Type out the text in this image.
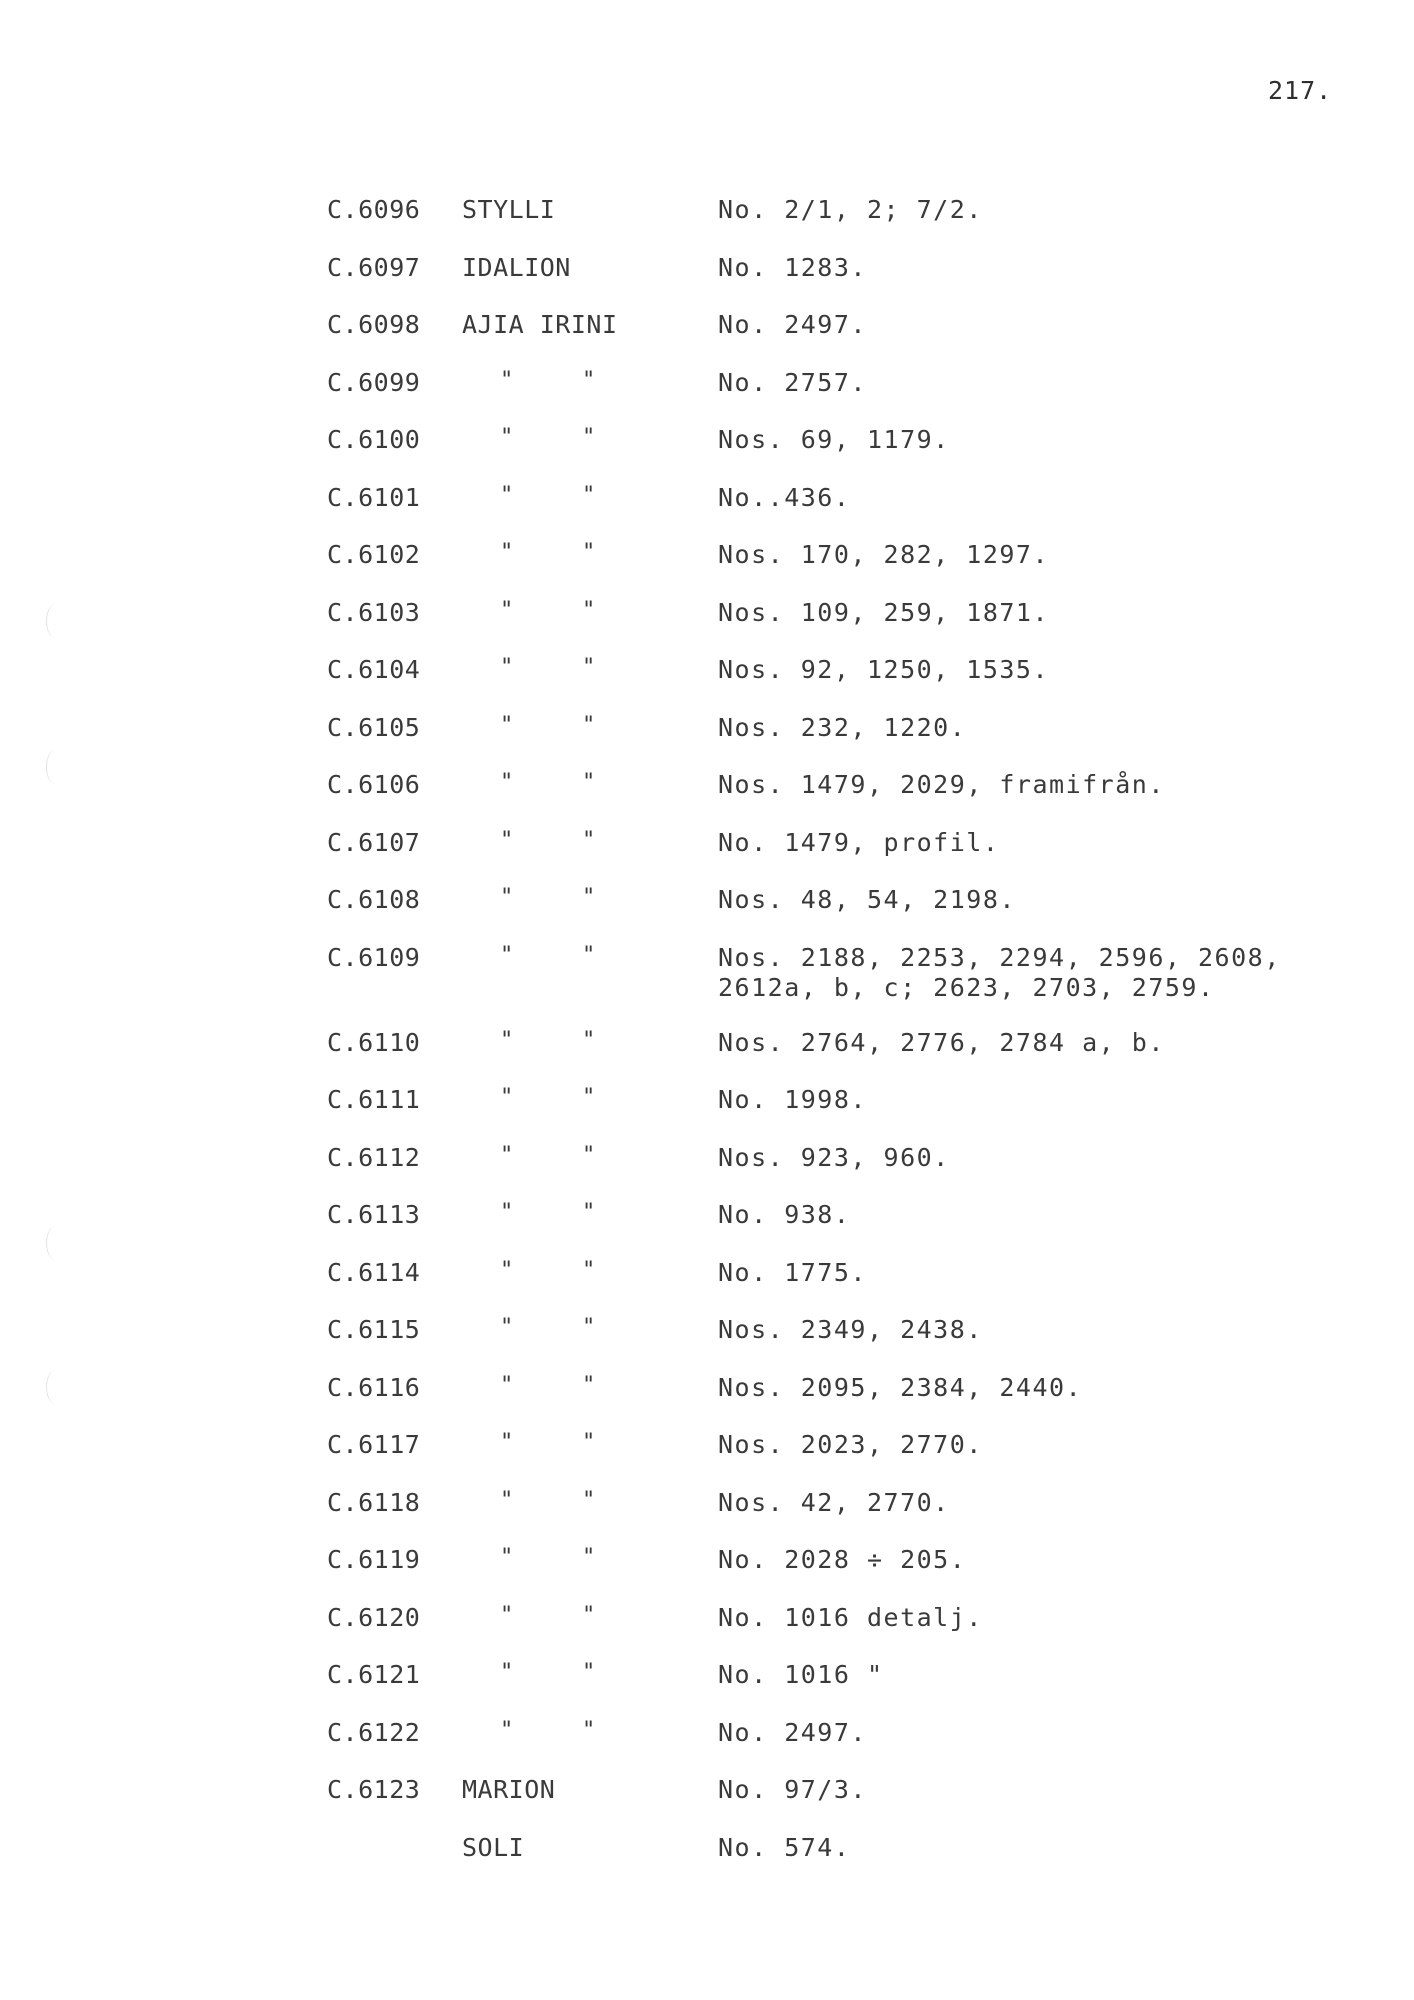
217.
C.6096 STYLLI	No. 2/1, 2; 7/2.
C.6097 IDALION	No. 1283.
C.6098 AJIA IRINI	No. 2497.
C.6099	"	"	No. 2757.
C.6100	"	"	Nos. 69, 1179.
C.6101	"	"	No..436.
C.6102	"	"	Nos. 170, 282, 1297.
C.6103	"	"	Nos. 109, 259, 1871.
C.6104	"	"	Nos. 92, 1250, 1535.
C.6105	"	"	Nos. 232, 1220.
C.6106	"	"	Nos. 1479, 2029, framifrån.
C.6107	"	"	No. 1479, profil.
C.6108	"	"	Nos. 48, 54, 2198.
C.6109	"	"	Nos. 2188, 2253, 2294, 2596, 2608,
2612a, b, c; 2623, 2703, 2759.
C.6110	"	"	Nos. 2764, 2776, 2784 a, b.
C.6111	"	"	No. 1998.
C.6112	"	"	Nos. 923, 960.
C.6113	"	"	No. 938.
C.6114	"	"	No. 1775.
C.6115	"	"	Nos. 2349, 2438.
C.6116	"	"	Nos. 2095, 2384, 2440.
C.6117	"	"	Nos. 2023, 2770.
C.6118	"	"	Nos. 42, 2770.
C.6119	"	"	No. 2028 ÷ 205.
C.6120	"	"	No. 1016 detalj.
C.6121	"	"	No. 1016 "
C.6122	"	"	No. 2497.
C.6123 MARION	No. 97/3.
SOLI	No. 574.
